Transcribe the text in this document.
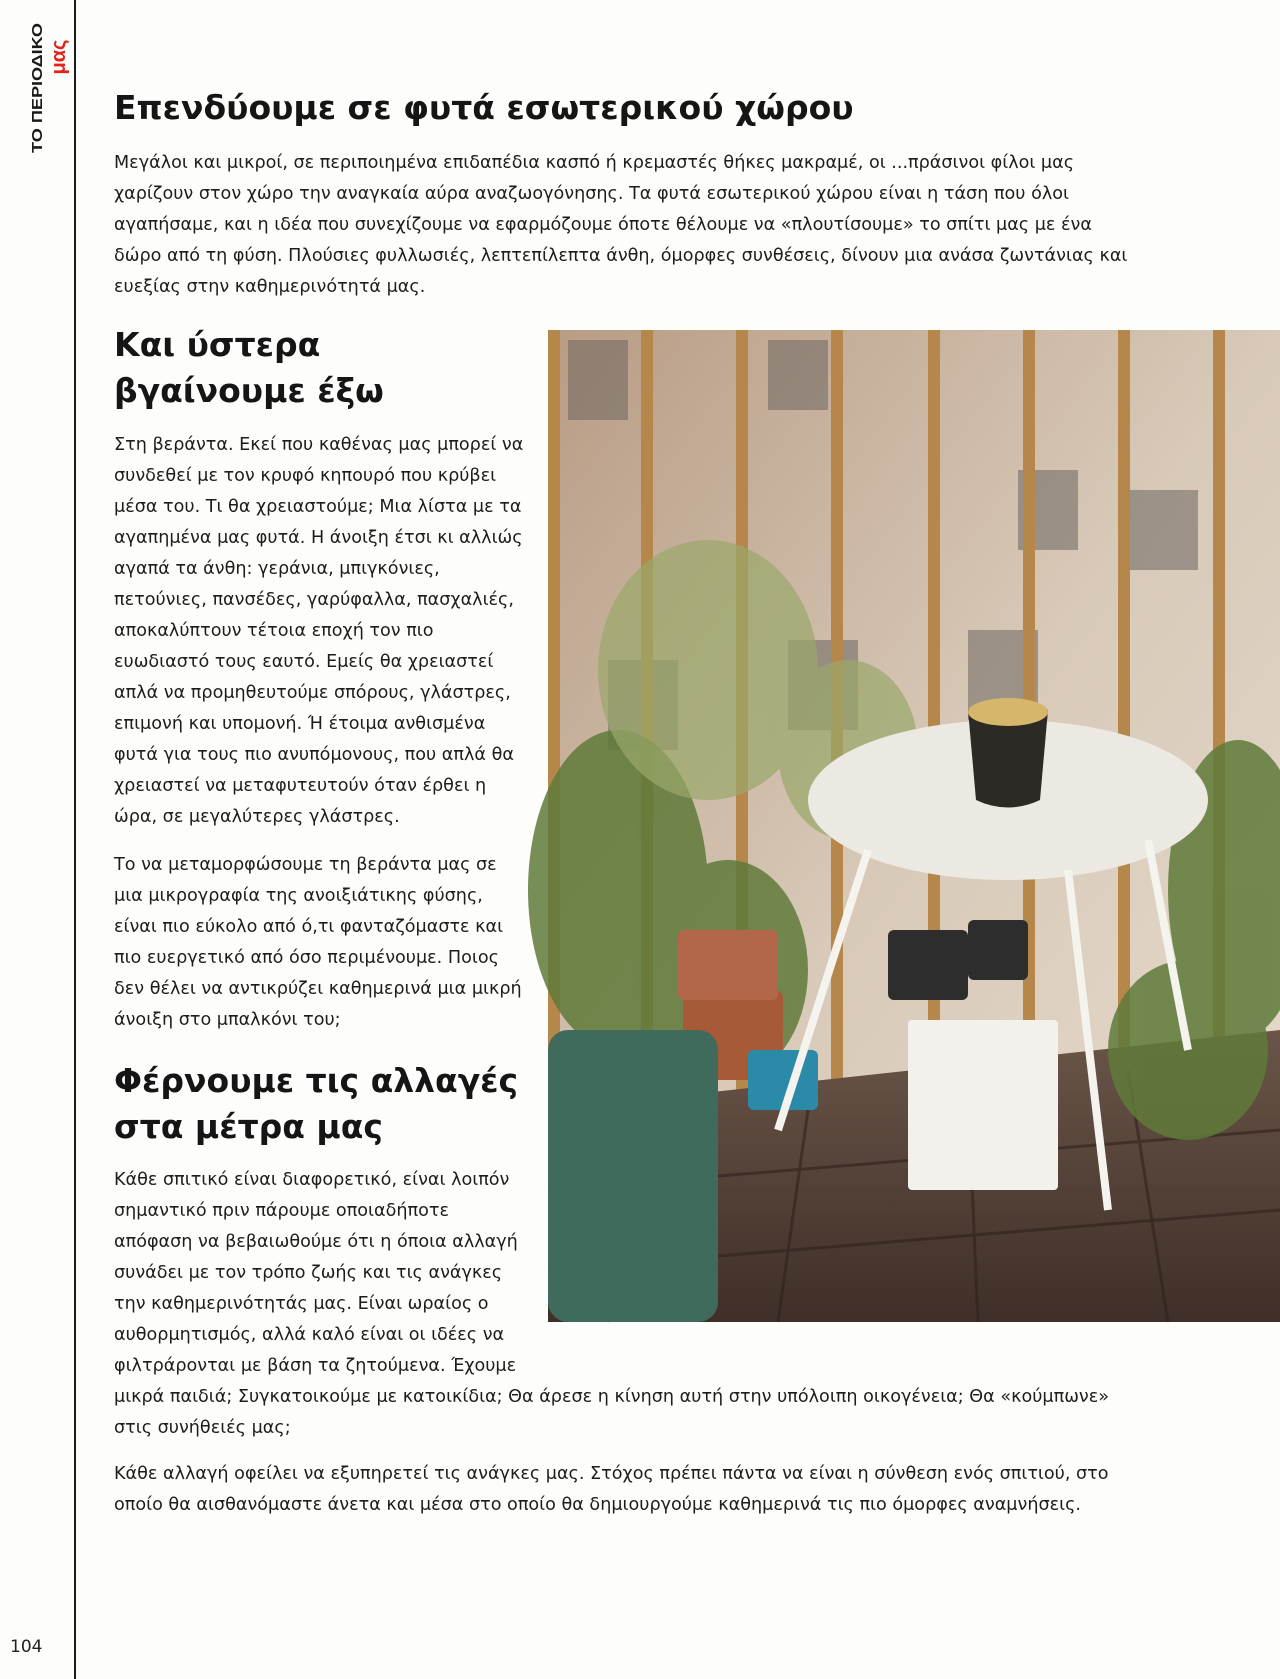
ΤΟ ΠΕΡΙΟΔΙΚΟ μας
Επενδύουμε σε φυτά εσωτερικού χώρου

Μεγάλοι και μικροί, σε περιποιημένα επιδαπέδια κασπό ή κρεμαστές θήκες μακραμέ, οι ...πράσινοι φίλοι μας χαρίζουν στον χώρο την αναγκαία αύρα αναζωογόνησης. Τα φυτά εσωτερικού χώρου είναι η τάση που όλοι αγαπήσαμε, και η ιδέα που συνεχίζουμε να εφαρμόζουμε όποτε θέλουμε να «πλουτίσουμε» το σπίτι μας με ένα δώρο από τη φύση. Πλούσιες φυλλωσιές, λεπτεπίλεπτα άνθη, όμορφες συνθέσεις, δίνουν μια ανάσα ζωντάνιας και ευεξίας στην καθημερινότητά μας.

Και ύστερα βγαίνουμε έξω

Στη βεράντα. Εκεί που καθένας μας μπορεί να συνδεθεί με τον κρυφό κηπουρό που κρύβει μέσα του. Τι θα χρειαστούμε; Μια λίστα με τα αγαπημένα μας φυτά. Η άνοιξη έτσι κι αλλιώς αγαπά τα άνθη: γεράνια, μπιγκόνιες, πετούνιες, πανσέδες, γαρύφαλλα, πασχαλιές, αποκαλύπτουν τέτοια εποχή τον πιο ευωδιαστό τους εαυτό. Εμείς θα χρειαστεί απλά να προμηθευτούμε σπόρους, γλάστρες, επιμονή και υπομονή. Ή έτοιμα ανθισμένα φυτά για τους πιο ανυπόμονους, που απλά θα χρειαστεί να μεταφυτευτούν όταν έρθει η ώρα, σε μεγαλύτερες γλάστρες.

Το να μεταμορφώσουμε τη βεράντα μας σε μια μικρογραφία της ανοιξιάτικης φύσης, είναι πιο εύκολο από ό,τι φανταζόμαστε και πιο ευεργετικό από όσο περιμένουμε. Ποιος δεν θέλει να αντικρύζει καθημερινά μια μικρή άνοιξη στο μπαλκόνι του;

Φέρνουμε τις αλλαγές στα μέτρα μας

Κάθε σπιτικό είναι διαφορετικό, είναι λοιπόν σημαντικό πριν πάρουμε οποιαδήποτε απόφαση να βεβαιωθούμε ότι η όποια αλλαγή συνάδει με τον τρόπο ζωής και τις ανάγκες την καθημερινότητάς μας. Είναι ωραίος ο αυθορμητισμός, αλλά καλό είναι οι ιδέες να φιλτράρονται με βάση τα ζητούμενα. Έχουμε

μικρά παιδιά; Συγκατοικούμε με κατοικίδια; Θα άρεσε η κίνηση αυτή στην υπόλοιπη οικογένεια; Θα «κούμπωνε» στις συνήθειές μας;

Κάθε αλλαγή οφείλει να εξυπηρετεί τις ανάγκες μας. Στόχος πρέπει πάντα να είναι η σύνθεση ενός σπιτιού, στο οποίο θα αισθανόμαστε άνετα και μέσα στο οποίο θα δημιουργούμε καθημερινά τις πιο όμορφες αναμνήσεις.

104
